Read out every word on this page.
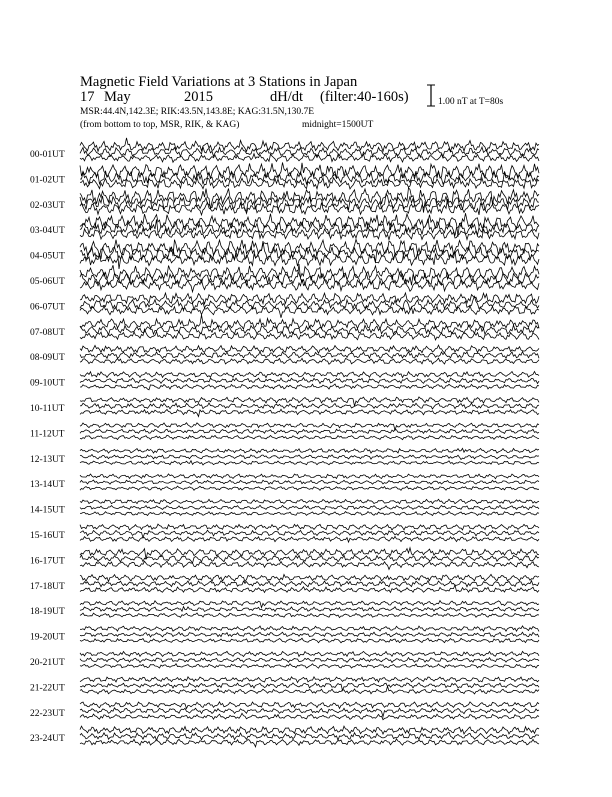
Magnetic Field Variations at 3 Stations in Japan
17 May	2015	dH/dt (filter:40-160s)
MSR:44.4N,142.3E; RIK:43.5N,143.8E; KAG:31.5N,130.7E
(from bottom to top, MSR, RIK, & KAG)	midnight=1500UT
1.00 nT at T=80s
00-01UT
01-02UT
02-03UT
03-04UT
04-05UT
05-06UT
06-07UT
07-08UT
08-09UT
09-10UT
10-11UT
11-12UT
12-13UT
13-14UT
14-15UT
15-16UT
16-17UT
17-18UT
18-19UT
19-20UT
20-21UT
21-22UT
22-23UT
23-24UT
